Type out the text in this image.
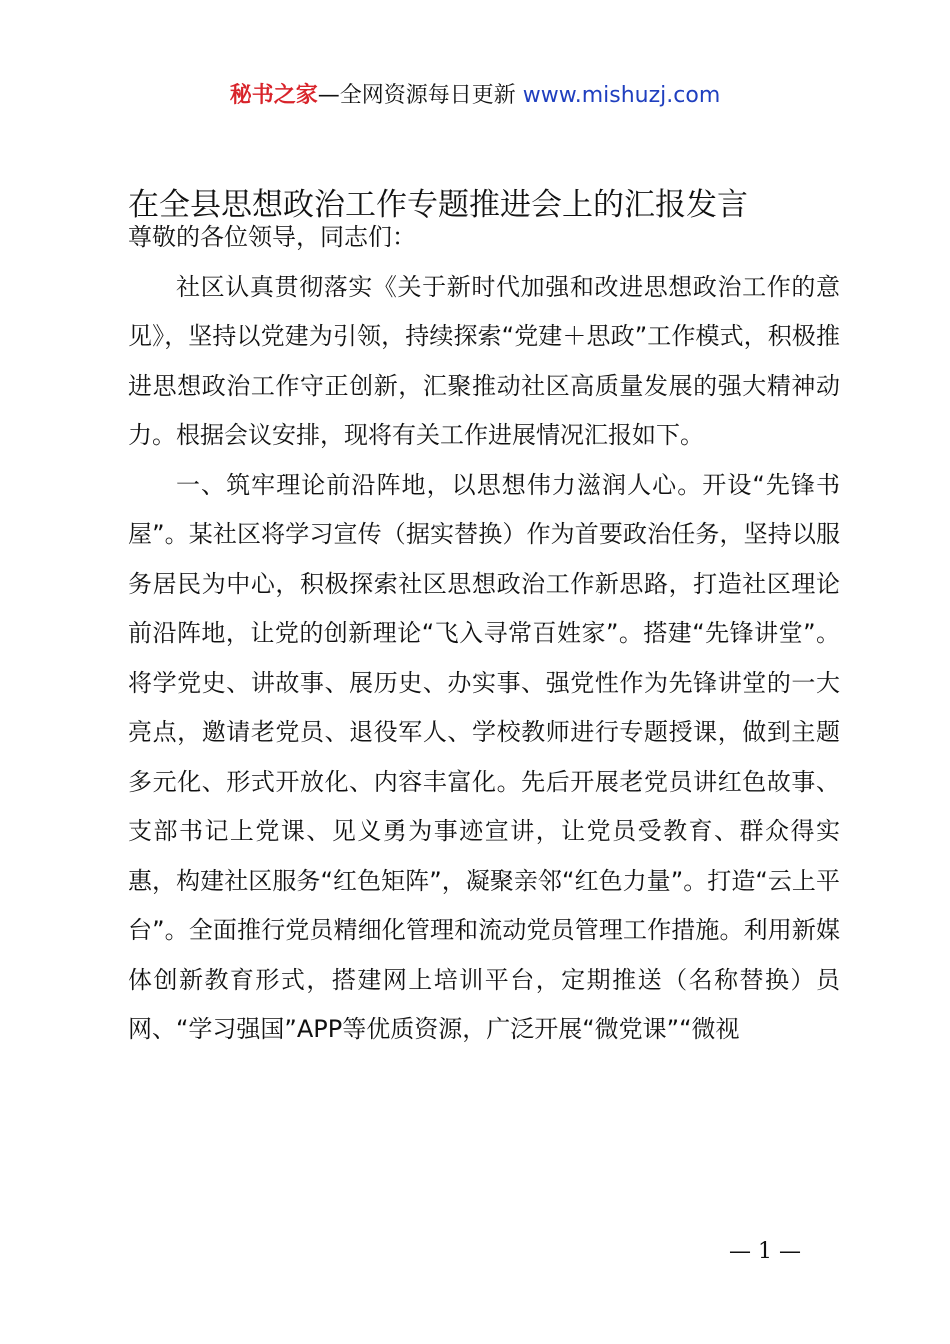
秘书之家—全网资源每日更新 www.mishuzj.com
在全县思想政治工作专题推进会上的汇报发言

尊敬的各位领导，同志们：

社区认真贯彻落实《关于新时代加强和改进思想政治工作的意见》，坚持以党建为引领，持续探索“党建＋思政”工作模式，积极推进思想政治工作守正创新，汇聚推动社区高质量发展的强大精神动力。根据会议安排，现将有关工作进展情况汇报如下。

一、筑牢理论前沿阵地，以思想伟力滋润人心。开设“先锋书屋”。某社区将学习宣传（据实替换）作为首要政治任务，坚持以服务居民为中心，积极探索社区思想政治工作新思路，打造社区理论前沿阵地，让党的创新理论“飞入寻常百姓家”。搭建“先锋讲堂”。将学党史、讲故事、展历史、办实事、强党性作为先锋讲堂的一大亮点，邀请老党员、退役军人、学校教师进行专题授课，做到主题多元化、形式开放化、内容丰富化。先后开展老党员讲红色故事、支部书记上党课、见义勇为事迹宣讲，让党员受教育、群众得实惠，构建社区服务“红色矩阵”，凝聚亲邻“红色力量”。打造“云上平台”。全面推行党员精细化管理和流动党员管理工作措施。利用新媒体创新教育形式，搭建网上培训平台，定期推送（名称替换）员网、“学习强国”APP等优质资源，广泛开展“微党课”“微视

— 1 —
